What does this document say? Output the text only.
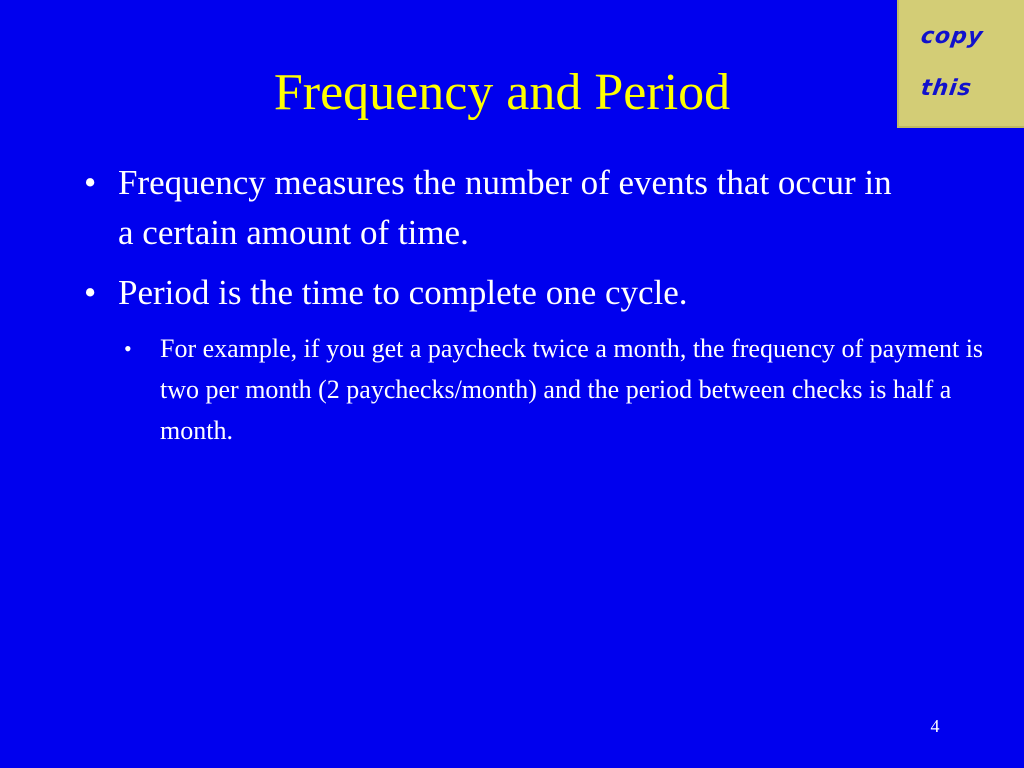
Frequency and Period
copy
this
• Frequency measures the number of events that occur in a certain amount of time.
• Period is the time to complete one cycle.
• For example, if you get a paycheck twice a month, the frequency of payment is two per month (2 paychecks/month) and the period between checks is half a month.
4
